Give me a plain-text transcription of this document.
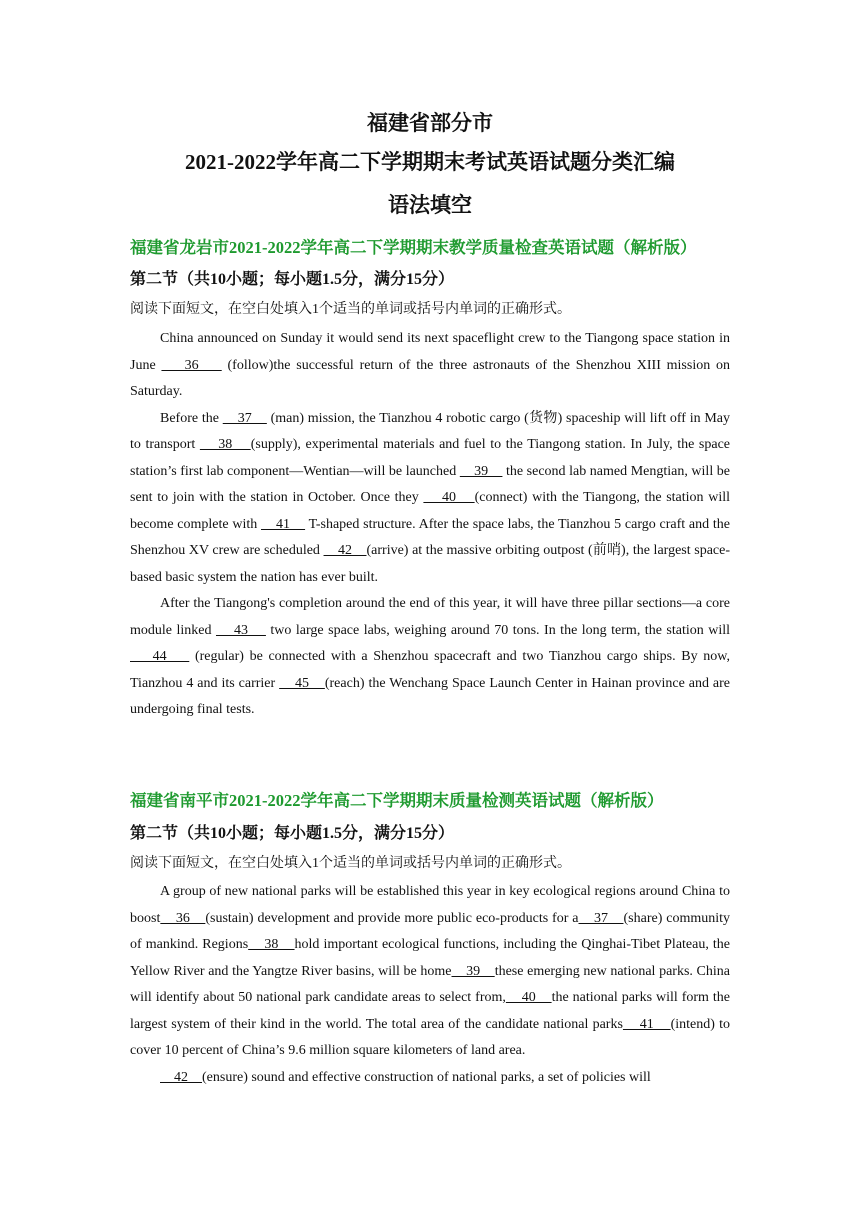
福建省部分市
2021-2022学年高二下学期期末考试英语试题分类汇编
语法填空
福建省龙岩市2021-2022学年高二下学期期末教学质量检查英语试题（解析版）
第二节（共10小题；每小题1.5分，满分15分）
阅读下面短文，在空白处填入1个适当的单词或括号内单词的正确形式。

China announced on Sunday it would send its next spaceflight crew to the Tiangong space station in June     36     (follow)the successful return of the three astronauts of the Shenzhou XIII mission on Saturday.

Before the     37     (man) mission, the Tianzhou 4 robotic cargo (货物) spaceship will lift off in May to transport     38    (supply), experimental materials and fuel to the Tiangong station. In July, the space station’s first lab component—Wentian—will be launched     39     the second lab named Mengtian, will be sent to join with the station in October. Once they     40    (connect) with the Tiangong, the station will become complete with     41     T-shaped structure. After the space labs, the Tianzhou 5 cargo craft and the Shenzhou XV crew are scheduled     42    (arrive) at the massive orbiting outpost (前哨), the largest space-based basic system the nation has ever built.

After the Tiangong's completion around the end of this year, it will have three pillar sections—a core module linked     43     two large space labs, weighing around 70 tons. In the long term, the station will     44     (regular) be connected with a Shenzhou spacecraft and two Tianzhou cargo ships. By now, Tianzhou 4 and its carrier     45    (reach) the Wenchang Space Launch Center in Hainan province and are undergoing final tests.

福建省南平市2021-2022学年高二下学期期末质量检测英语试题（解析版）
第二节（共10小题；每小题1.5分，满分15分）
阅读下面短文，在空白处填入1个适当的单词或括号内单词的正确形式。

A group of new national parks will be established this year in key ecological regions around China to boost    36    (sustain) development and provide more public eco-products for a    37    (share) community of mankind. Regions    38    hold important ecological functions, including the Qinghai-Tibet Plateau, the Yellow River and the Yangtze River basins, will be home    39    these emerging new national parks. China will identify about 50 national park candidate areas to select from,    40    the national parks will form the largest system of their kind in the world. The total area of the candidate national parks    41    (intend) to cover 10 percent of China’s 9.6 million square kilometers of land area.

42    (ensure) sound and effective construction of national parks, a set of policies will
